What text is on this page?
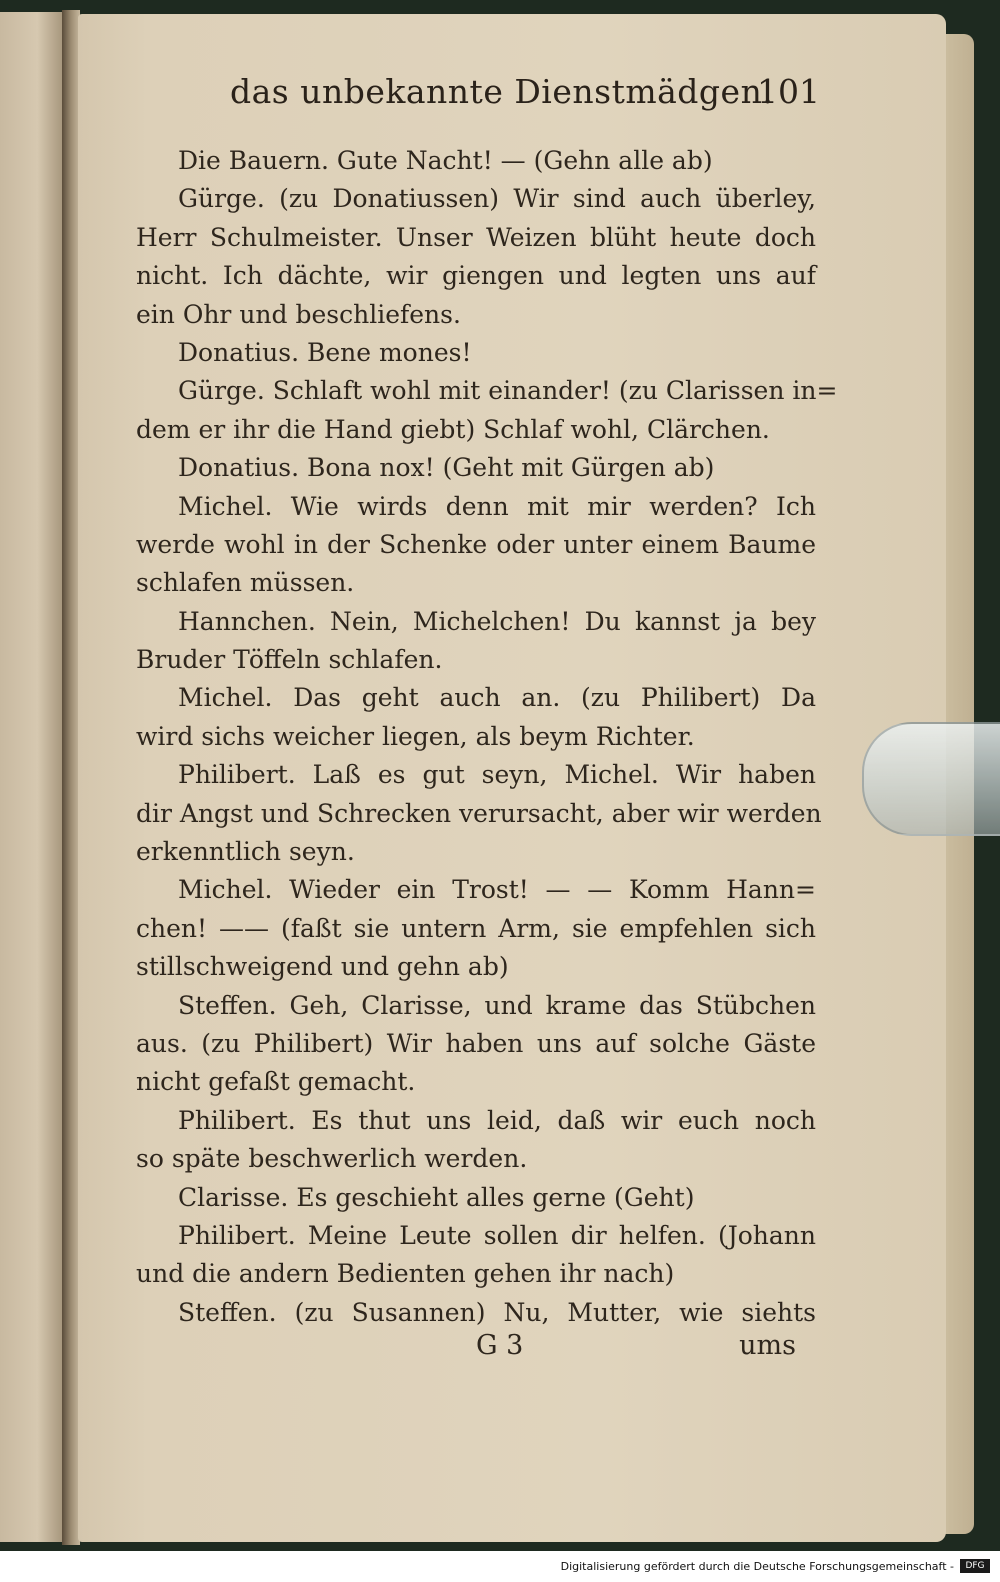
das unbekannte Dienstmädgen.
101
Die Bauern. Gute Nacht! — (Gehn alle ab)
Gürge. (zu Donatiussen) Wir sind auch überley,
Herr Schulmeister. Unser Weizen blüht heute doch
nicht. Ich dächte, wir giengen und legten uns auf
ein Ohr und beschliefens.
Donatius. Bene mones!
Gürge. Schlaft wohl mit einander! (zu Clarissen in=
dem er ihr die Hand giebt) Schlaf wohl, Clärchen.
Donatius. Bona nox! (Geht mit Gürgen ab)
Michel. Wie wirds denn mit mir werden? Ich
werde wohl in der Schenke oder unter einem Baume
schlafen müssen.
Hannchen. Nein, Michelchen! Du kannst ja bey
Bruder Töffeln schlafen.
Michel. Das geht auch an. (zu Philibert) Da
wird sichs weicher liegen, als beym Richter.
Philibert. Laß es gut seyn, Michel. Wir haben
dir Angst und Schrecken verursacht, aber wir werden
erkenntlich seyn.
Michel. Wieder ein Trost! — — Komm Hann=
chen! —— (faßt sie untern Arm, sie empfehlen sich
stillschweigend und gehn ab)
Steffen. Geh, Clarisse, und krame das Stübchen
aus. (zu Philibert) Wir haben uns auf solche Gäste
nicht gefaßt gemacht.
Philibert. Es thut uns leid, daß wir euch noch
so späte beschwerlich werden.
Clarisse. Es geschieht alles gerne (Geht)
Philibert. Meine Leute sollen dir helfen. (Johann
und die andern Bedienten gehen ihr nach)
Steffen. (zu Susannen) Nu, Mutter, wie siehts
G 3	ums
Digitalisierung gefördert durch die Deutsche Forschungsgemeinschaft -	DFG
